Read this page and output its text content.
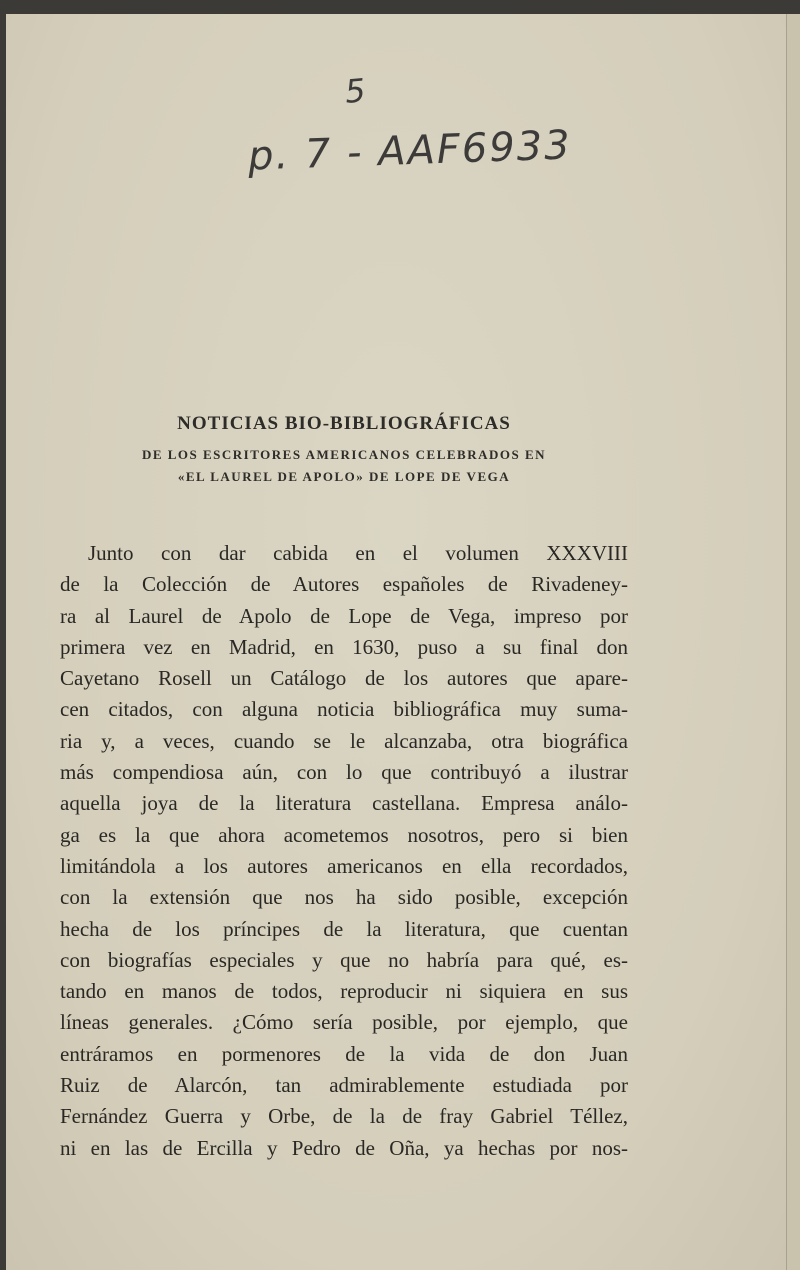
5
p. 7 - AAF6933
NOTICIAS BIO-BIBLIOGRÁFICAS
DE LOS ESCRITORES AMERICANOS CELEBRADOS EN
«EL LAUREL DE APOLO» DE LOPE DE VEGA
Junto con dar cabida en el volumen XXXVIII
de la Colección de Autores españoles de Rivadeney-
ra al Laurel de Apolo de Lope de Vega, impreso por
primera vez en Madrid, en 1630, puso a su final don
Cayetano Rosell un Catálogo de los autores que apare-
cen citados, con alguna noticia bibliográfica muy suma-
ria y, a veces, cuando se le alcanzaba, otra biográfica
más compendiosa aún, con lo que contribuyó a ilustrar
aquella joya de la literatura castellana. Empresa análo-
ga es la que ahora acometemos nosotros, pero si bien
limitándola a los autores americanos en ella recordados,
con la extensión que nos ha sido posible, excepción
hecha de los príncipes de la literatura, que cuentan
con biografías especiales y que no habría para qué, es-
tando en manos de todos, reproducir ni siquiera en sus
líneas generales. ¿Cómo sería posible, por ejemplo, que
entráramos en pormenores de la vida de don Juan
Ruiz de Alarcón, tan admirablemente estudiada por
Fernández Guerra y Orbe, de la de fray Gabriel Téllez,
ni en las de Ercilla y Pedro de Oña, ya hechas por nos-
